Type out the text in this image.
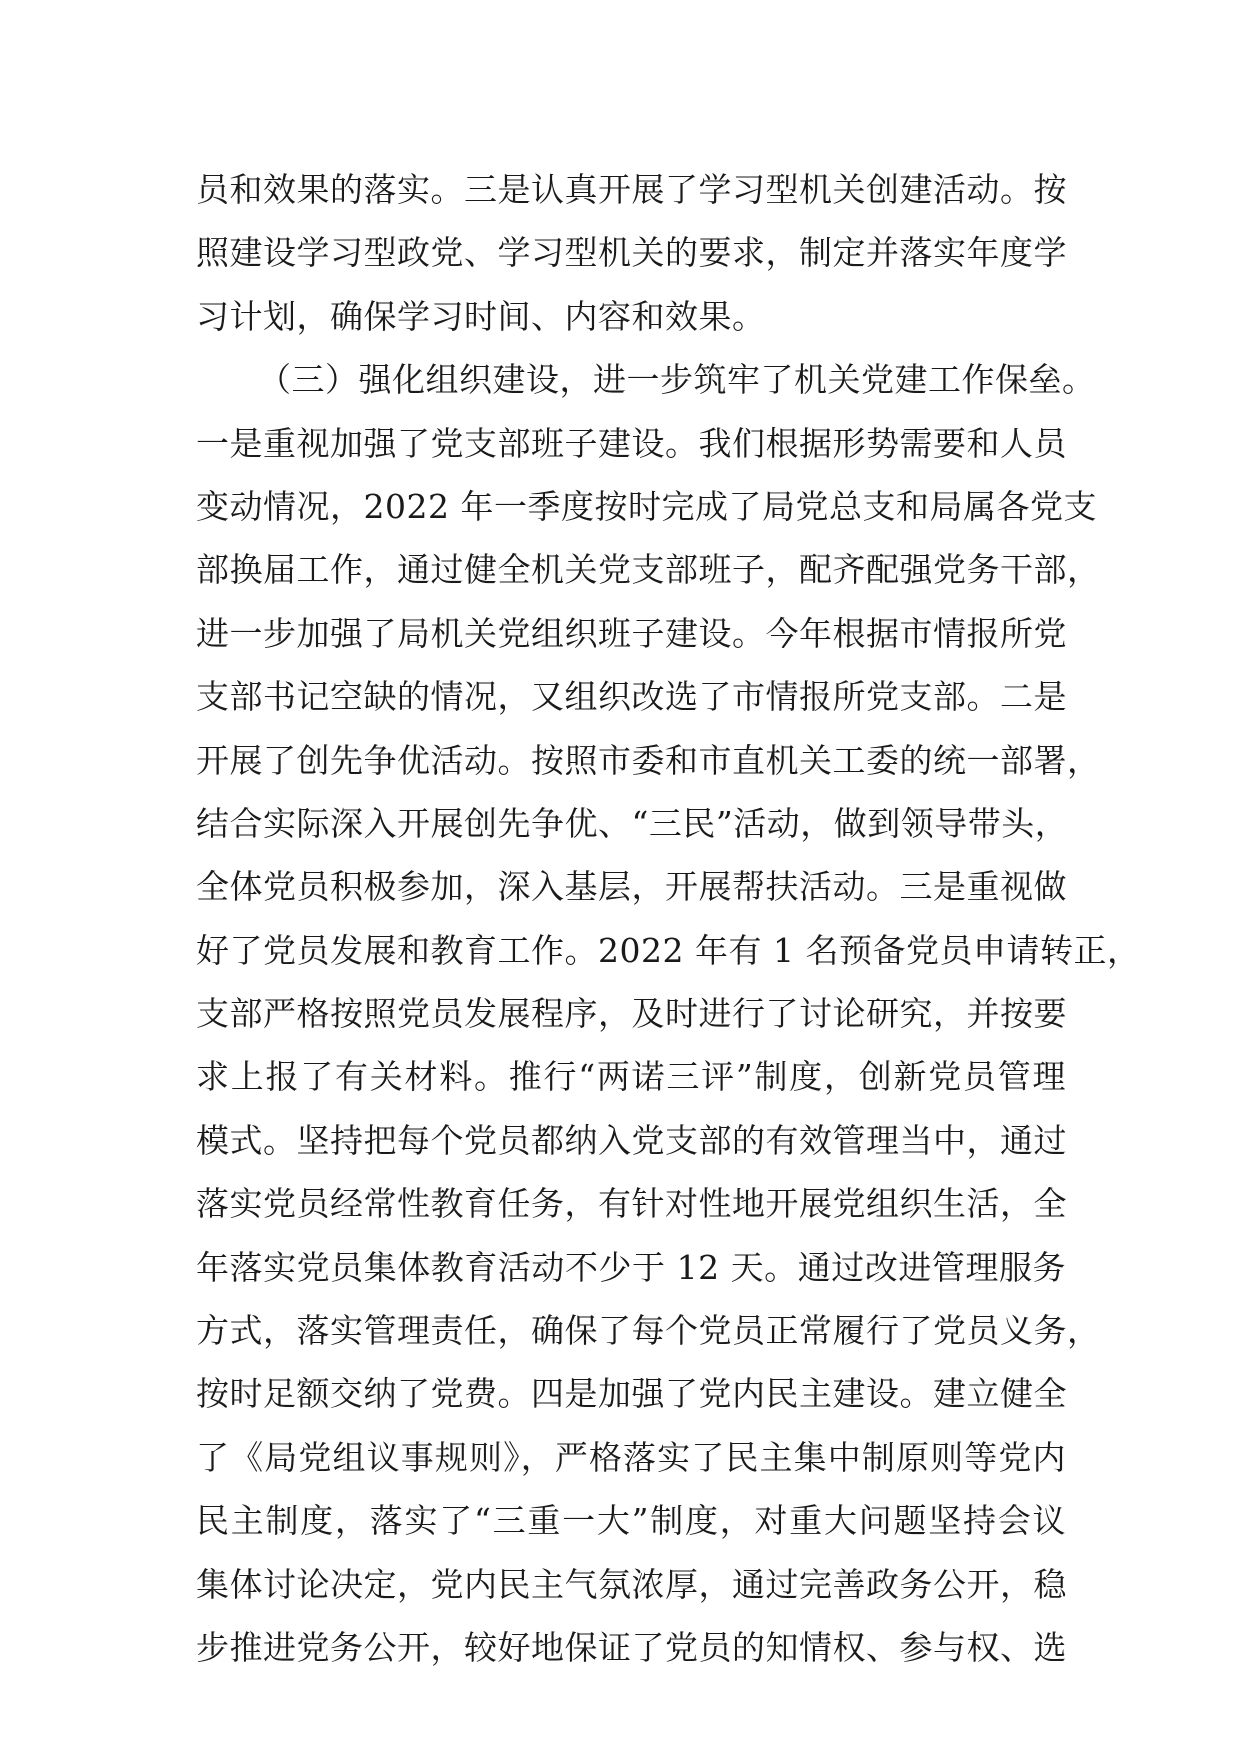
员和效果的落实。三是认真开展了学习型机关创建活动。按
照建设学习型政党、学习型机关的要求，制定并落实年度学
习计划，确保学习时间、内容和效果。
（三）强化组织建设，进一步筑牢了机关党建工作保垒。
一是重视加强了党支部班子建设。我们根据形势需要和人员
变动情况，2022 年一季度按时完成了局党总支和局属各党支
部换届工作，通过健全机关党支部班子，配齐配强党务干部，
进一步加强了局机关党组织班子建设。今年根据市情报所党
支部书记空缺的情况，又组织改选了市情报所党支部。二是
开展了创先争优活动。按照市委和市直机关工委的统一部署，
结合实际深入开展创先争优、“三民”活动，做到领导带头，
全体党员积极参加，深入基层，开展帮扶活动。三是重视做
好了党员发展和教育工作。2022 年有 1 名预备党员申请转正，
支部严格按照党员发展程序，及时进行了讨论研究，并按要
求上报了有关材料。推行“两诺三评”制度，创新党员管理
模式。坚持把每个党员都纳入党支部的有效管理当中，通过
落实党员经常性教育任务，有针对性地开展党组织生活，全
年落实党员集体教育活动不少于 12 天。通过改进管理服务
方式，落实管理责任，确保了每个党员正常履行了党员义务，
按时足额交纳了党费。四是加强了党内民主建设。建立健全
了《局党组议事规则》，严格落实了民主集中制原则等党内
民主制度，落实了“三重一大”制度，对重大问题坚持会议
集体讨论决定，党内民主气氛浓厚，通过完善政务公开，稳
步推进党务公开，较好地保证了党员的知情权、参与权、选
